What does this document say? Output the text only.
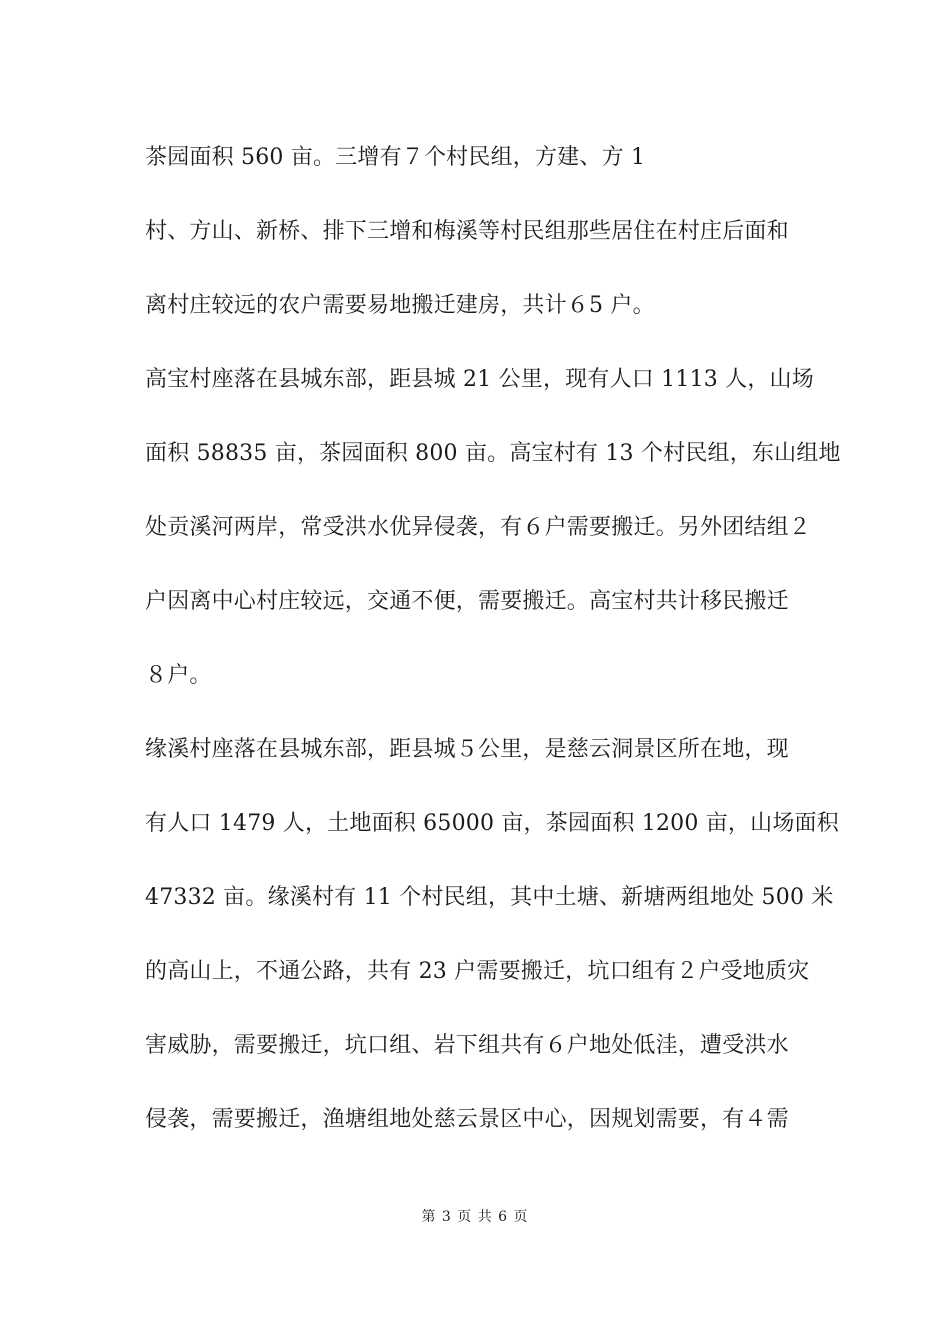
茶园面积 560 亩。三增有７个村民组，方建、方 1
村、方山、新桥、排下三增和梅溪等村民组那些居住在村庄后面和
离村庄较远的农户需要易地搬迁建房，共计６5 户。
高宝村座落在县城东部，距县城 21 公里，现有人口 1113 人，山场
面积 58835 亩，茶园面积 800 亩。高宝村有 13 个村民组，东山组地
处贡溪河两岸，常受洪水优异侵袭，有６户需要搬迁。另外团结组２
户因离中心村庄较远，交通不便，需要搬迁。高宝村共计移民搬迁
８户。
缘溪村座落在县城东部，距县城５公里，是慈云洞景区所在地，现
有人口 1479 人，土地面积 65000 亩，茶园面积 1200 亩，山场面积
47332 亩。缘溪村有 11 个村民组，其中土塘、新塘两组地处 500 米
的高山上，不通公路，共有 23 户需要搬迁，坑口组有２户受地质灾
害威胁，需要搬迁，坑口组、岩下组共有６户地处低洼，遭受洪水
侵袭，需要搬迁，渔塘组地处慈云景区中心，因规划需要，有４需
第 3 页 共 6 页
